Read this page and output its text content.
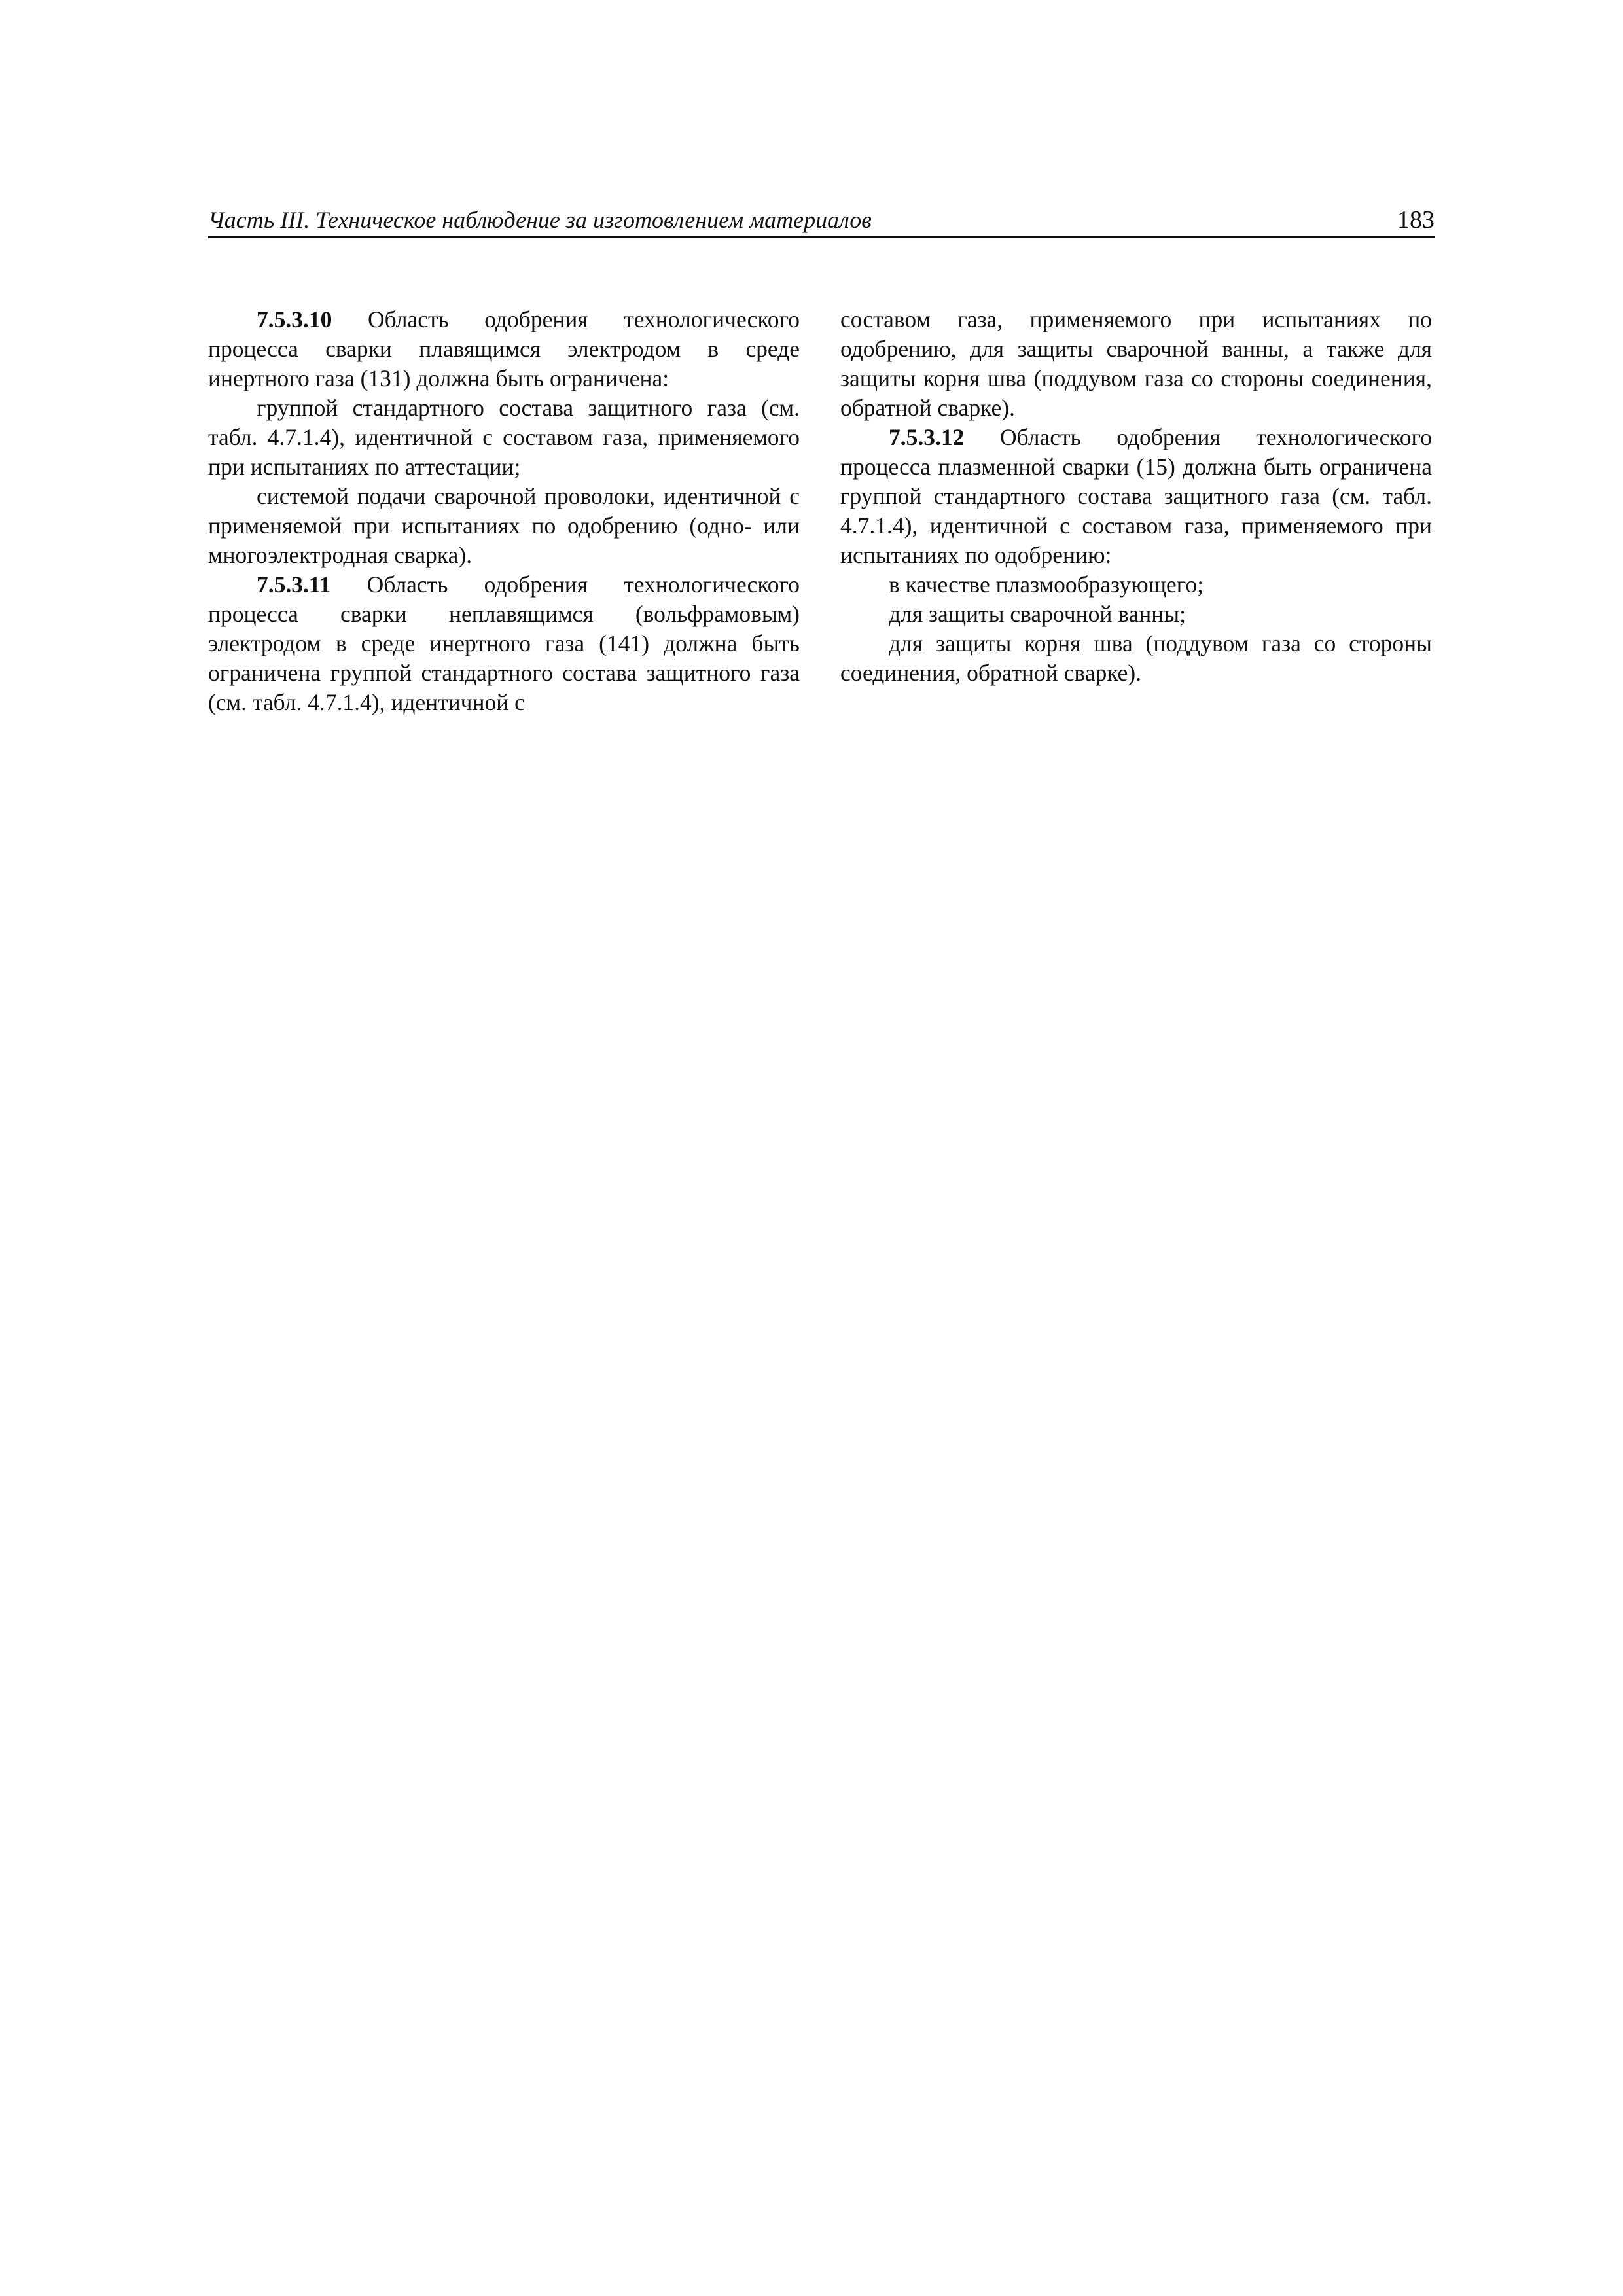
Часть III. Техническое наблюдение за изготовлением материалов	183

7.5.3.10 Область одобрения технологического процесса сварки плавящимся электродом в среде инертного газа (131) должна быть ограничена:

группой стандартного состава защитного газа (см. табл. 4.7.1.4), идентичной с составом газа, применяемого при испытаниях по аттестации;

системой подачи сварочной проволоки, идентичной с применяемой при испытаниях по одобрению (одно- или многоэлектродная сварка).

7.5.3.11 Область одобрения технологического процесса сварки неплавящимся (вольфрамовым) электродом в среде инертного газа (141) должна быть ограничена группой стандартного состава защитного газа (см. табл. 4.7.1.4), идентичной с

составом газа, применяемого при испытаниях по одобрению, для защиты сварочной ванны, а также для защиты корня шва (поддувом газа со стороны соединения, обратной сварке).

7.5.3.12 Область одобрения технологического процесса плазменной сварки (15) должна быть ограничена группой стандартного состава защитного газа (см. табл. 4.7.1.4), идентичной с составом газа, применяемого при испытаниях по одобрению:

в качестве плазмообразующего;

для защиты сварочной ванны;

для защиты корня шва (поддувом газа со стороны соединения, обратной сварке).
